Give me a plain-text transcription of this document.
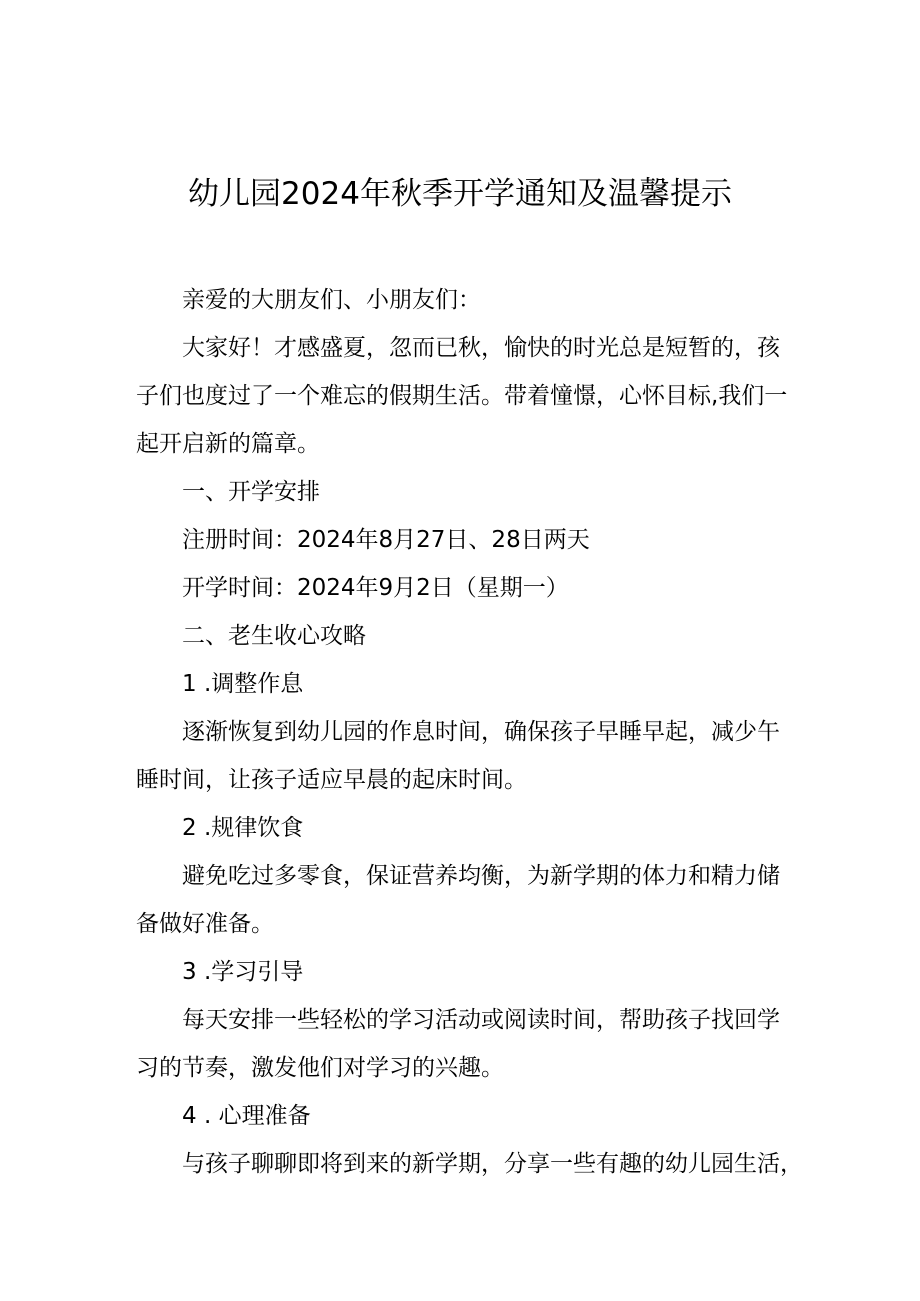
幼儿园2024年秋季开学通知及温馨提示

亲爱的大朋友们、小朋友们：

大家好！才感盛夏，忽而已秋，愉快的时光总是短暂的，孩
子们也度过了一个难忘的假期生活。带着憧憬，心怀目标,我们一
起开启新的篇章。

一、开学安排

注册时间：2024年8月27日、28日两天

开学时间：2024年9月2日（星期一）

二、老生收心攻略

1 .调整作息

逐渐恢复到幼儿园的作息时间，确保孩子早睡早起，减少午
睡时间，让孩子适应早晨的起床时间。

2 .规律饮食

避免吃过多零食，保证营养均衡，为新学期的体力和精力储
备做好准备。

3 .学习引导

每天安排一些轻松的学习活动或阅读时间，帮助孩子找回学
习的节奏，激发他们对学习的兴趣。

4 . 心理准备

与孩子聊聊即将到来的新学期，分享一些有趣的幼儿园生活，
